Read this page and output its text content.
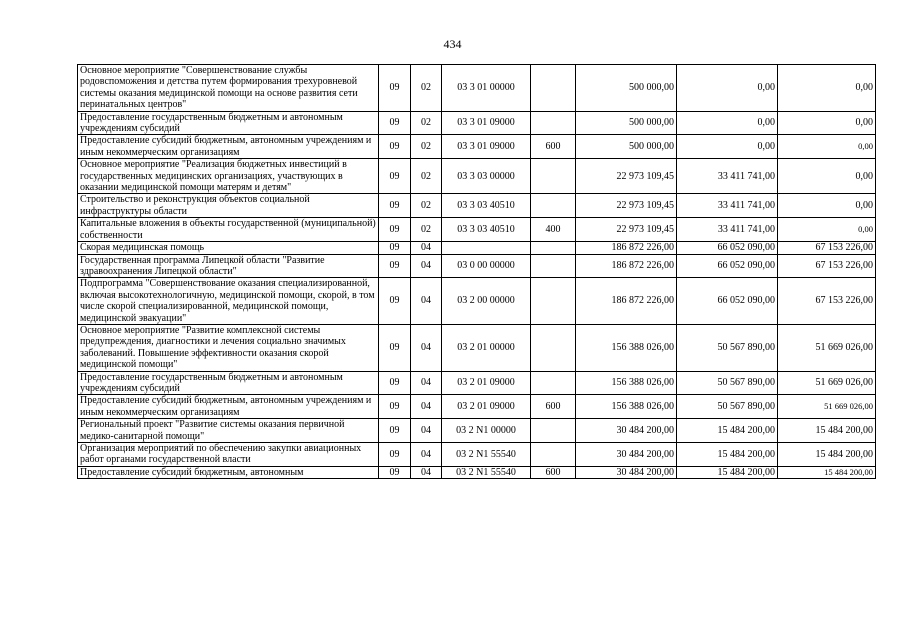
434
Основное мероприятие "Совершенствование службы родовспоможения и детства путем формирования трехуровневой системы оказания медицинской помощи на основе развития сети перинатальных центров"	09	02	03 3 01 00000		500 000,00	0,00	0,00
Предоставление государственным бюджетным и автономным учреждениям субсидий	09	02	03 3 01 09000		500 000,00	0,00	0,00
Предоставление субсидий бюджетным, автономным учреждениям и иным некоммерческим организациям	09	02	03 3 01 09000	600	500 000,00	0,00	0,00
Основное мероприятие "Реализация бюджетных инвестиций в государственных медицинских организациях, участвующих в оказании медицинской помощи матерям и детям"	09	02	03 3 03 00000		22 973 109,45	33 411 741,00	0,00
Строительство и реконструкция объектов социальной инфраструктуры области	09	02	03 3 03 40510		22 973 109,45	33 411 741,00	0,00
Капитальные вложения в объекты государственной (муниципальной) собственности	09	02	03 3 03 40510	400	22 973 109,45	33 411 741,00	0,00
Скорая медицинская помощь	09	04			186 872 226,00	66 052 090,00	67 153 226,00
Государственная программа Липецкой области "Развитие здравоохранения Липецкой области"	09	04	03 0 00 00000		186 872 226,00	66 052 090,00	67 153 226,00
Подпрограмма "Совершенствование оказания специализированной, включая высокотехнологичную, медицинской помощи, скорой, в том числе скорой специализированной, медицинской помощи, медицинской эвакуации"	09	04	03 2 00 00000		186 872 226,00	66 052 090,00	67 153 226,00
Основное мероприятие "Развитие комплексной системы предупреждения, диагностики и лечения социально значимых заболеваний. Повышение эффективности оказания скорой медицинской помощи"	09	04	03 2 01 00000		156 388 026,00	50 567 890,00	51 669 026,00
Предоставление государственным бюджетным и автономным учреждениям субсидий	09	04	03 2 01 09000		156 388 026,00	50 567 890,00	51 669 026,00
Предоставление субсидий бюджетным, автономным учреждениям и иным некоммерческим организациям	09	04	03 2 01 09000	600	156 388 026,00	50 567 890,00	51 669 026,00
Региональный проект "Развитие системы оказания первичной медико-санитарной помощи"	09	04	03 2 N1 00000		30 484 200,00	15 484 200,00	15 484 200,00
Организация мероприятий по обеспечению закупки авиационных работ органами государственной власти	09	04	03 2 N1 55540		30 484 200,00	15 484 200,00	15 484 200,00
Предоставление субсидий бюджетным, автономным	09	04	03 2 N1 55540	600	30 484 200,00	15 484 200,00	15 484 200,00
